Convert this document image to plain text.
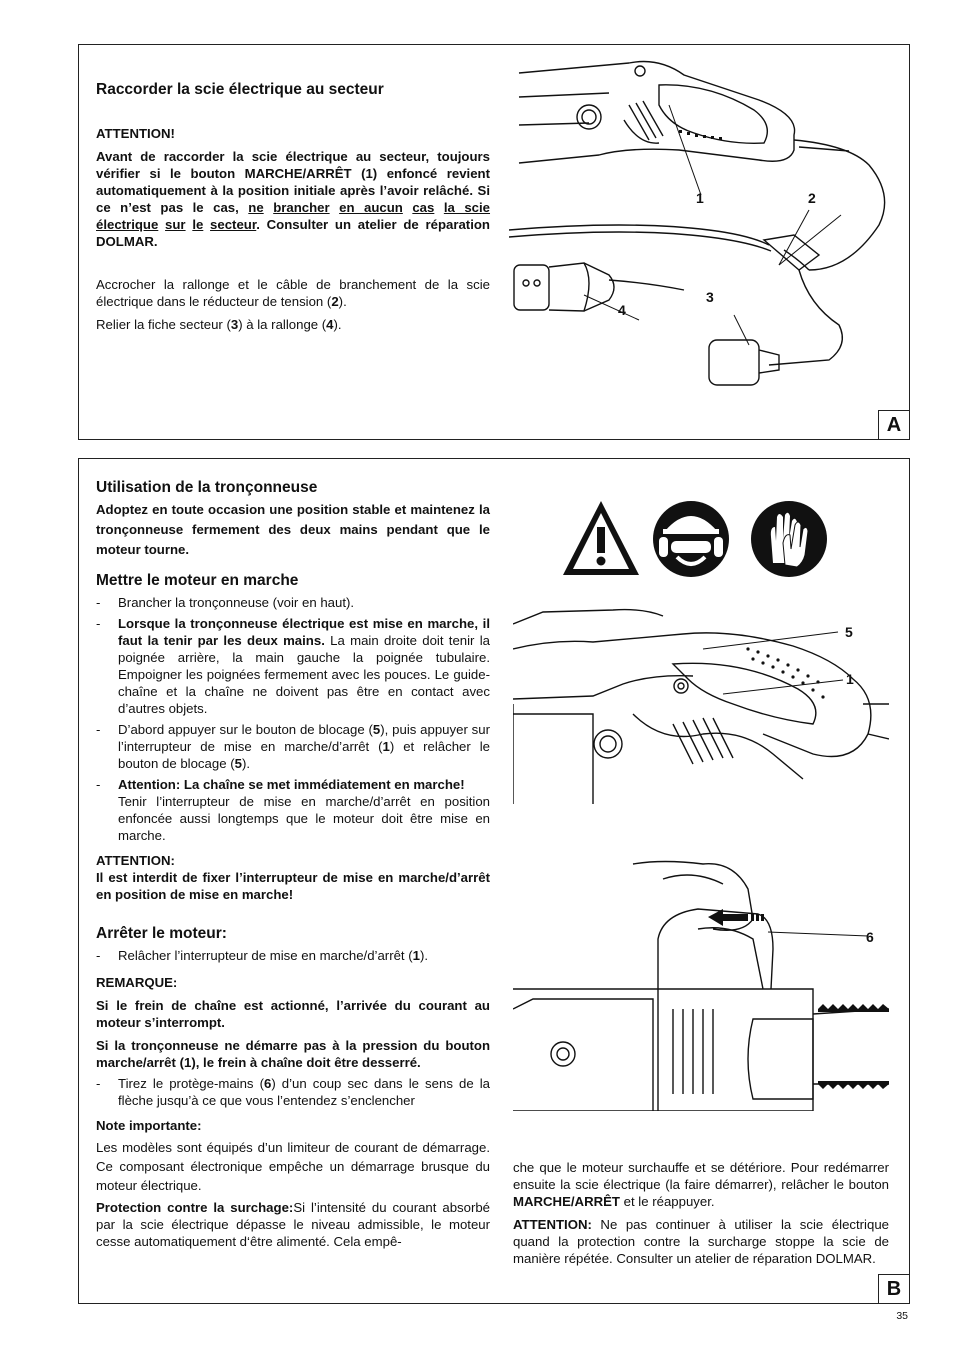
Raccorder la scie électrique au secteur

ATTENTION!

Avant de raccorder la scie électrique au secteur, toujours vérifier si le bouton MARCHE/ARRÊT (1) enfoncé revient automatiquement à la position initiale après l’avoir relâché. Si ce n’est pas le cas, ne brancher en aucun cas la scie électrique sur le secteur. Consulter un atelier de réparation DOLMAR.

Accrocher la rallonge et le câble de branchement de la scie électrique dans le réducteur de tension (2).

Relier la fiche secteur (3) à la rallonge (4).

1	2
3
4
A

Utilisation de la tronçonneuse

Adoptez en toute occasion une position stable et maintenez la tronçonneuse fermement des deux mains pendant que le moteur tourne.

Mettre le moteur en marche

- Brancher la tronçonneuse (voir en haut).
- Lorsque la tronçonneuse électrique est mise en marche, il faut la tenir par les deux mains. La main droite doit tenir la poignée arrière, la main gauche la poignée tubulaire. Empoigner les poignées fermement avec les pouces. Le guide-chaîne et la chaîne ne doivent pas être en contact avec d’autres objets.
- D’abord appuyer sur le bouton de blocage (5), puis appuyer sur l’interrupteur de mise en marche/d’arrêt (1) et relâcher le bouton de blocage (5).
- Attention: La chaîne se met immédiatement en marche!
Tenir l’interrupteur de mise en marche/d’arrêt en position enfoncée aussi longtemps que le moteur doit être mise en marche.

ATTENTION:

Il est interdit de fixer l’interrupteur de mise en marche/d’arrêt en position de mise en marche!

Arrêter le moteur:

- Relâcher l’interrupteur de mise en marche/d’arrêt (1).

REMARQUE:

Si le frein de chaîne est actionné, l’arrivée du courant au moteur s’interrompt.

Si la tronçonneuse ne démarre pas à la pression du bouton marche/arrêt (1), le frein à chaîne doit être desserré.

- Tirez le protège-mains (6) d’un coup sec dans le sens de la flèche jusqu’à ce que vous l’entendez s’enclencher

Note importante:

Les modèles sont équipés d’un limiteur de courant de démarrage. Ce composant électronique empêche un démarrage brusque du moteur électrique.

Protection contre la surchage:Si l’intensité du courant absorbé par la scie électrique dépasse le niveau admissible, le moteur cesse automatiquement d‘être alimenté. Cela empê-

che que le moteur surchauffe et se détériore. Pour redémarrer ensuite la scie électrique (la faire démarrer), relâcher le bouton MARCHE/ARRÊT et le réappuyer.

ATTENTION: Ne pas continuer à utiliser la scie électrique quand la protection contre la surcharge stoppe la scie de manière répétée. Consulter un atelier de réparation DOLMAR.

5
1
6
B
35
